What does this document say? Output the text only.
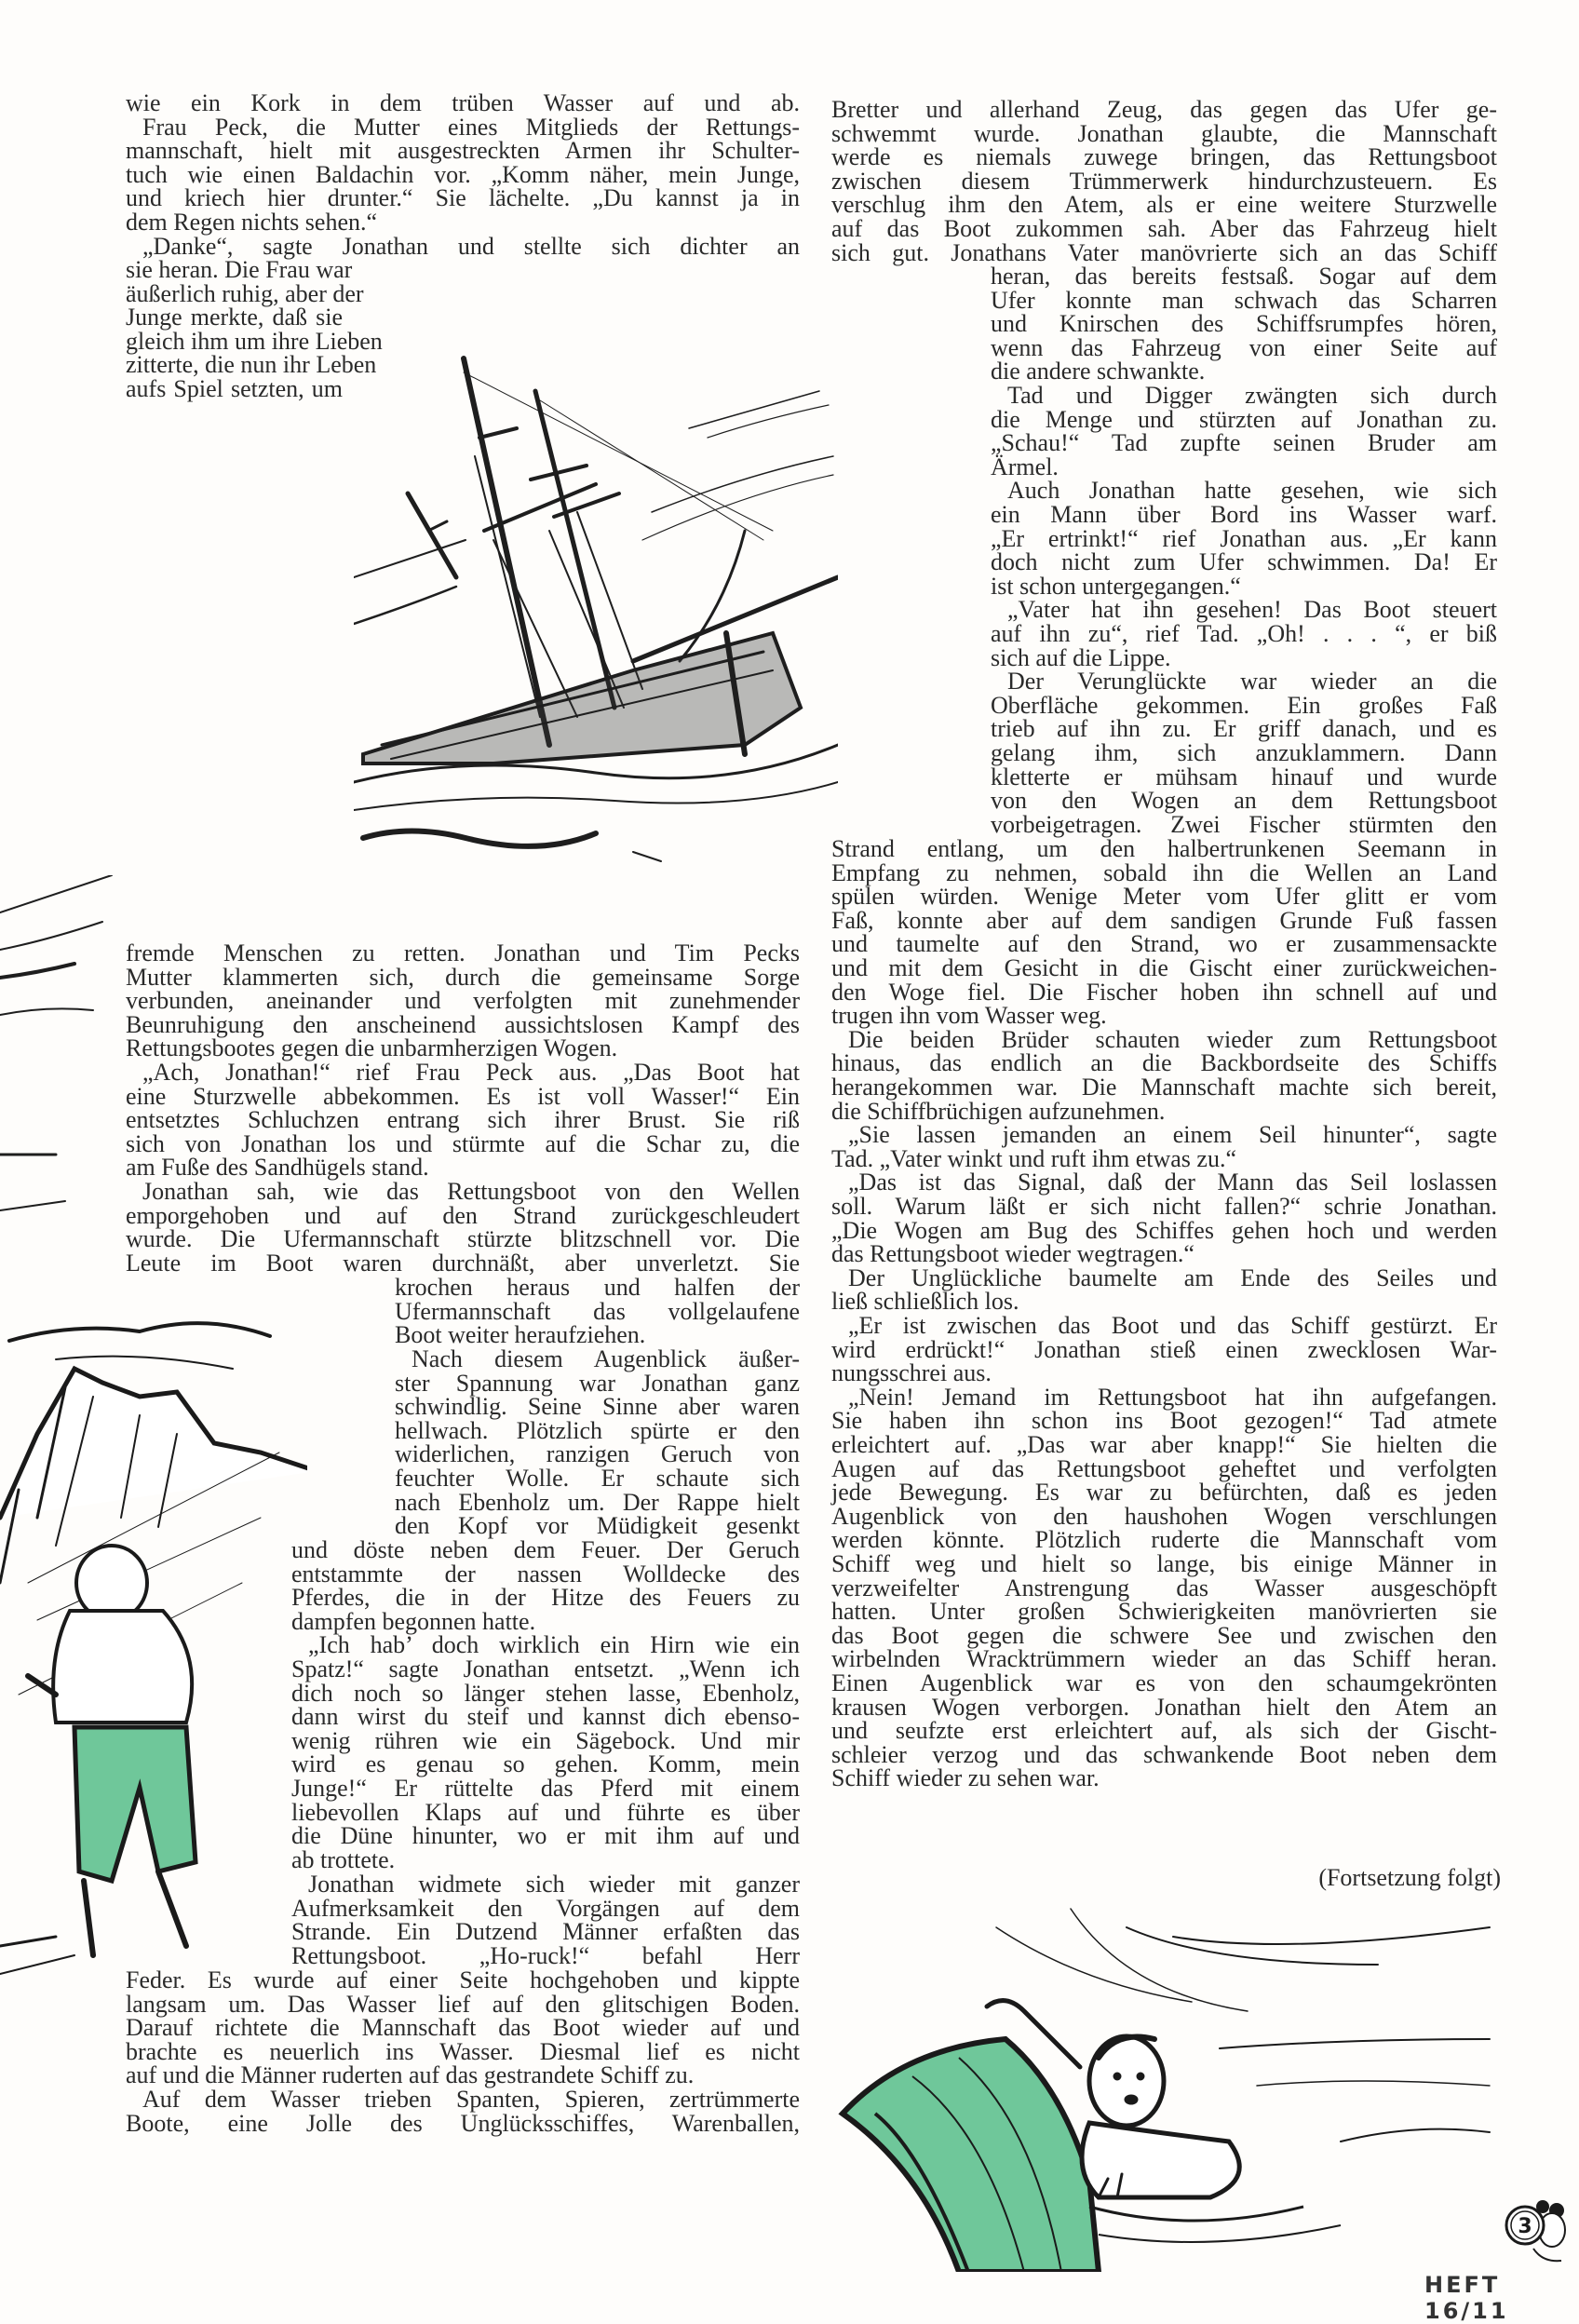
3
wie ein Kork in dem trüben Wasser auf und ab.
Frau Peck, die Mutter eines Mitglieds der Rettungs-
mannschaft, hielt mit ausgestreckten Armen ihr Schulter-
tuch wie einen Baldachin vor. „Komm näher, mein Junge,
und kriech hier drunter.“ Sie lächelte. „Du kannst ja in
dem Regen nichts sehen.“
„Danke“, sagte Jonathan und stellte sich dichter an
sie heran. Die Frau war
äußerlich ruhig, aber der
Junge merkte, daß sie
gleich ihm um ihre Lieben
zitterte, die nun ihr Leben
aufs Spiel setzten, um
fremde Menschen zu retten. Jonathan und Tim Pecks
Mutter klammerten sich, durch die gemeinsame Sorge
verbunden, aneinander und verfolgten mit zunehmender
Beunruhigung den anscheinend aussichtslosen Kampf des
Rettungsbootes gegen die unbarmherzigen Wogen.
„Ach, Jonathan!“ rief Frau Peck aus. „Das Boot hat
eine Sturzwelle abbekommen. Es ist voll Wasser!“ Ein
entsetztes Schluchzen entrang sich ihrer Brust. Sie riß
sich von Jonathan los und stürmte auf die Schar zu, die
am Fuße des Sandhügels stand.
Jonathan sah, wie das Rettungsboot von den Wellen
emporgehoben und auf den Strand zurückgeschleudert
wurde. Die Ufermannschaft stürzte blitzschnell vor. Die
Leute im Boot waren durchnäßt, aber unverletzt. Sie
krochen heraus und halfen der
Ufermannschaft das vollgelaufene
Boot weiter heraufziehen.
Nach diesem Augenblick äußer-
ster Spannung war Jonathan ganz
schwindlig. Seine Sinne aber waren
hellwach. Plötzlich spürte er den
widerlichen, ranzigen Geruch von
feuchter Wolle. Er schaute sich
nach Ebenholz um. Der Rappe hielt
den Kopf vor Müdigkeit gesenkt
und döste neben dem Feuer. Der Geruch
entstammte der nassen Wolldecke des
Pferdes, die in der Hitze des Feuers zu
dampfen begonnen hatte.
„Ich hab’ doch wirklich ein Hirn wie ein
Spatz!“ sagte Jonathan entsetzt. „Wenn ich
dich noch so länger stehen lasse, Ebenholz,
dann wirst du steif und kannst dich ebenso-
wenig rühren wie ein Sägebock. Und mir
wird es genau so gehen. Komm, mein
Junge!“ Er rüttelte das Pferd mit einem
liebevollen Klaps auf und führte es über
die Düne hinunter, wo er mit ihm auf und
ab trottete.
Jonathan widmete sich wieder mit ganzer
Aufmerksamkeit den Vorgängen auf dem
Strande. Ein Dutzend Männer erfaßten das
Rettungsboot. „Ho-ruck!“ befahl Herr
Feder. Es wurde auf einer Seite hochgehoben und kippte
langsam um. Das Wasser lief auf den glitschigen Boden.
Darauf richtete die Mannschaft das Boot wieder auf und
brachte es neuerlich ins Wasser. Diesmal lief es nicht
auf und die Männer ruderten auf das gestrandete Schiff zu.
Auf dem Wasser trieben Spanten, Spieren, zertrümmerte
Boote, eine Jolle des Unglücksschiffes, Warenballen,
Bretter und allerhand Zeug, das gegen das Ufer ge-
schwemmt wurde. Jonathan glaubte, die Mannschaft
werde es niemals zuwege bringen, das Rettungsboot
zwischen diesem Trümmerwerk hindurchzusteuern. Es
verschlug ihm den Atem, als er eine weitere Sturzwelle
auf das Boot zukommen sah. Aber das Fahrzeug hielt
sich gut. Jonathans Vater manövrierte sich an das Schiff
heran, das bereits festsaß. Sogar auf dem
Ufer konnte man schwach das Scharren
und Knirschen des Schiffsrumpfes hören,
wenn das Fahrzeug von einer Seite auf
die andere schwankte.
Tad und Digger zwängten sich durch
die Menge und stürzten auf Jonathan zu.
„Schau!“ Tad zupfte seinen Bruder am
Ärmel.
Auch Jonathan hatte gesehen, wie sich
ein Mann über Bord ins Wasser warf.
„Er ertrinkt!“ rief Jonathan aus. „Er kann
doch nicht zum Ufer schwimmen. Da! Er
ist schon untergegangen.“
„Vater hat ihn gesehen! Das Boot steuert
auf ihn zu“, rief Tad. „Oh! . . . “, er biß
sich auf die Lippe.
Der Verunglückte war wieder an die
Oberfläche gekommen. Ein großes Faß
trieb auf ihn zu. Er griff danach, und es
gelang ihm, sich anzuklammern. Dann
kletterte er mühsam hinauf und wurde
von den Wogen an dem Rettungsboot
vorbeigetragen. Zwei Fischer stürmten den
Strand entlang, um den halbertrunkenen Seemann in
Empfang zu nehmen, sobald ihn die Wellen an Land
spülen würden. Wenige Meter vom Ufer glitt er vom
Faß, konnte aber auf dem sandigen Grunde Fuß fassen
und taumelte auf den Strand, wo er zusammensackte
und mit dem Gesicht in die Gischt einer zurückweichen-
den Woge fiel. Die Fischer hoben ihn schnell auf und
trugen ihn vom Wasser weg.
Die beiden Brüder schauten wieder zum Rettungsboot
hinaus, das endlich an die Backbordseite des Schiffs
herangekommen war. Die Mannschaft machte sich bereit,
die Schiffbrüchigen aufzunehmen.
„Sie lassen jemanden an einem Seil hinunter“, sagte
Tad. „Vater winkt und ruft ihm etwas zu.“
„Das ist das Signal, daß der Mann das Seil loslassen
soll. Warum läßt er sich nicht fallen?“ schrie Jonathan.
„Die Wogen am Bug des Schiffes gehen hoch und werden
das Rettungsboot wieder wegtragen.“
Der Unglückliche baumelte am Ende des Seiles und
ließ schließlich los.
„Er ist zwischen das Boot und das Schiff gestürzt. Er
wird erdrückt!“ Jonathan stieß einen zwecklosen War-
nungsschrei aus.
„Nein! Jemand im Rettungsboot hat ihn aufgefangen.
Sie haben ihn schon ins Boot gezogen!“ Tad atmete
erleichtert auf. „Das war aber knapp!“ Sie hielten die
Augen auf das Rettungsboot geheftet und verfolgten
jede Bewegung. Es war zu befürchten, daß es jeden
Augenblick von den haushohen Wogen verschlungen
werden könnte. Plötzlich ruderte die Mannschaft vom
Schiff weg und hielt so lange, bis einige Männer in
verzweifelter Anstrengung das Wasser ausgeschöpft
hatten. Unter großen Schwierigkeiten manövrierten sie
das Boot gegen die schwere See und zwischen den
wirbelnden Wracktrümmern wieder an das Schiff heran.
Einen Augenblick war es von den schaumgekrönten
krausen Wogen verborgen. Jonathan hielt den Atem an
und seufzte erst erleichtert auf, als sich der Gischt-
schleier verzog und das schwankende Boot neben dem
Schiff wieder zu sehen war.
(Fortsetzung folgt)
HEFT 16/11
